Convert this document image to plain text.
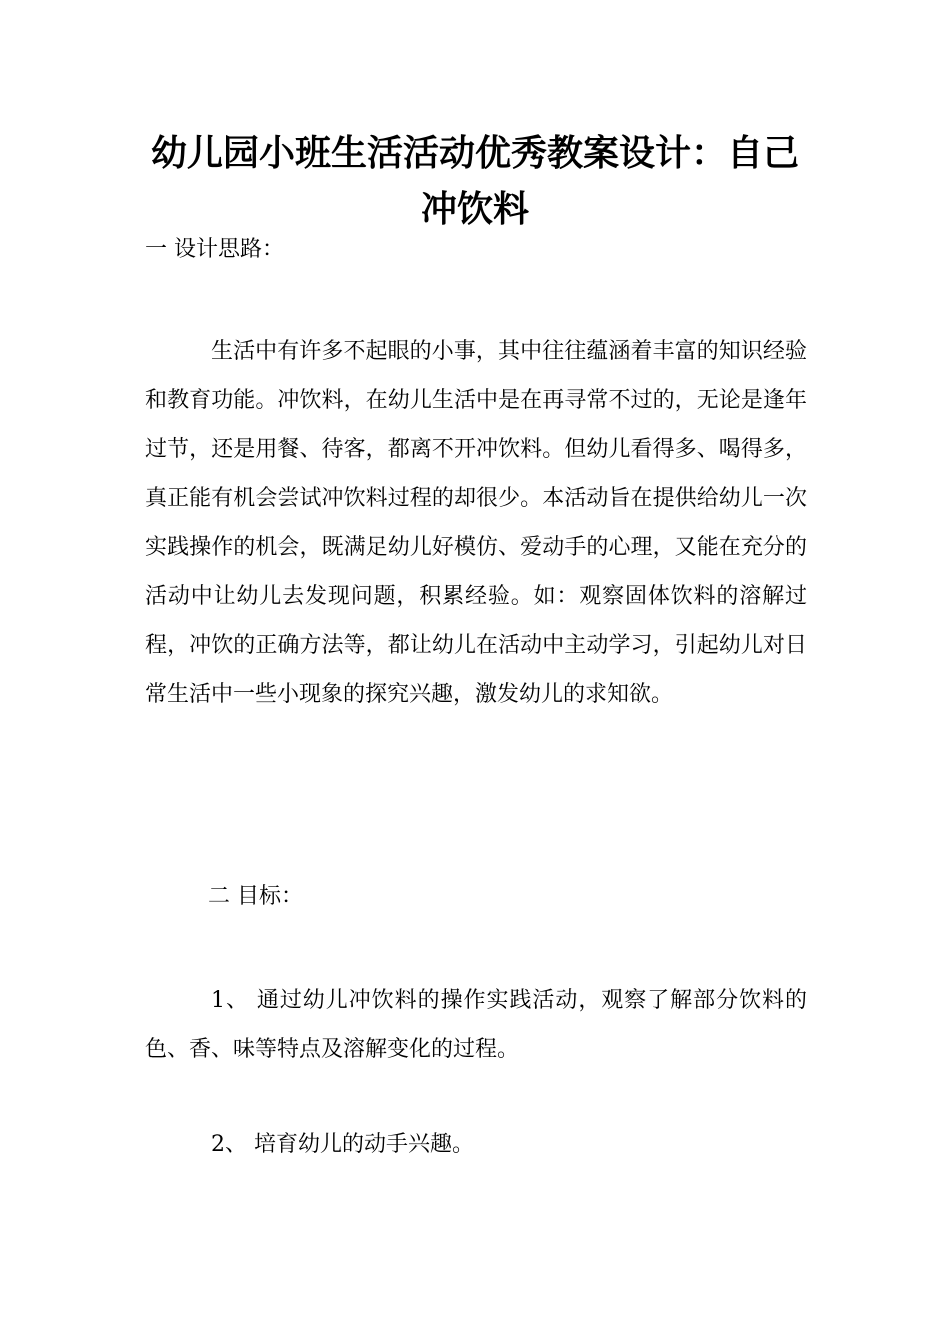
幼儿园小班生活活动优秀教案设计：自己冲饮料
一 设计思路：

生活中有许多不起眼的小事，其中往往蕴涵着丰富的知识经验和教育功能。冲饮料，在幼儿生活中是在再寻常不过的，无论是逢年过节，还是用餐、待客，都离不开冲饮料。但幼儿看得多、喝得多，真正能有机会尝试冲饮料过程的却很少。本活动旨在提供给幼儿一次实践操作的机会，既满足幼儿好模仿、爱动手的心理，又能在充分的活动中让幼儿去发现问题，积累经验。如：观察固体饮料的溶解过程，冲饮的正确方法等，都让幼儿在活动中主动学习，引起幼儿对日常生活中一些小现象的探究兴趣，激发幼儿的求知欲。

二 目标：

1、 通过幼儿冲饮料的操作实践活动，观察了解部分饮料的色、香、味等特点及溶解变化的过程。

2、 培育幼儿的动手兴趣。
